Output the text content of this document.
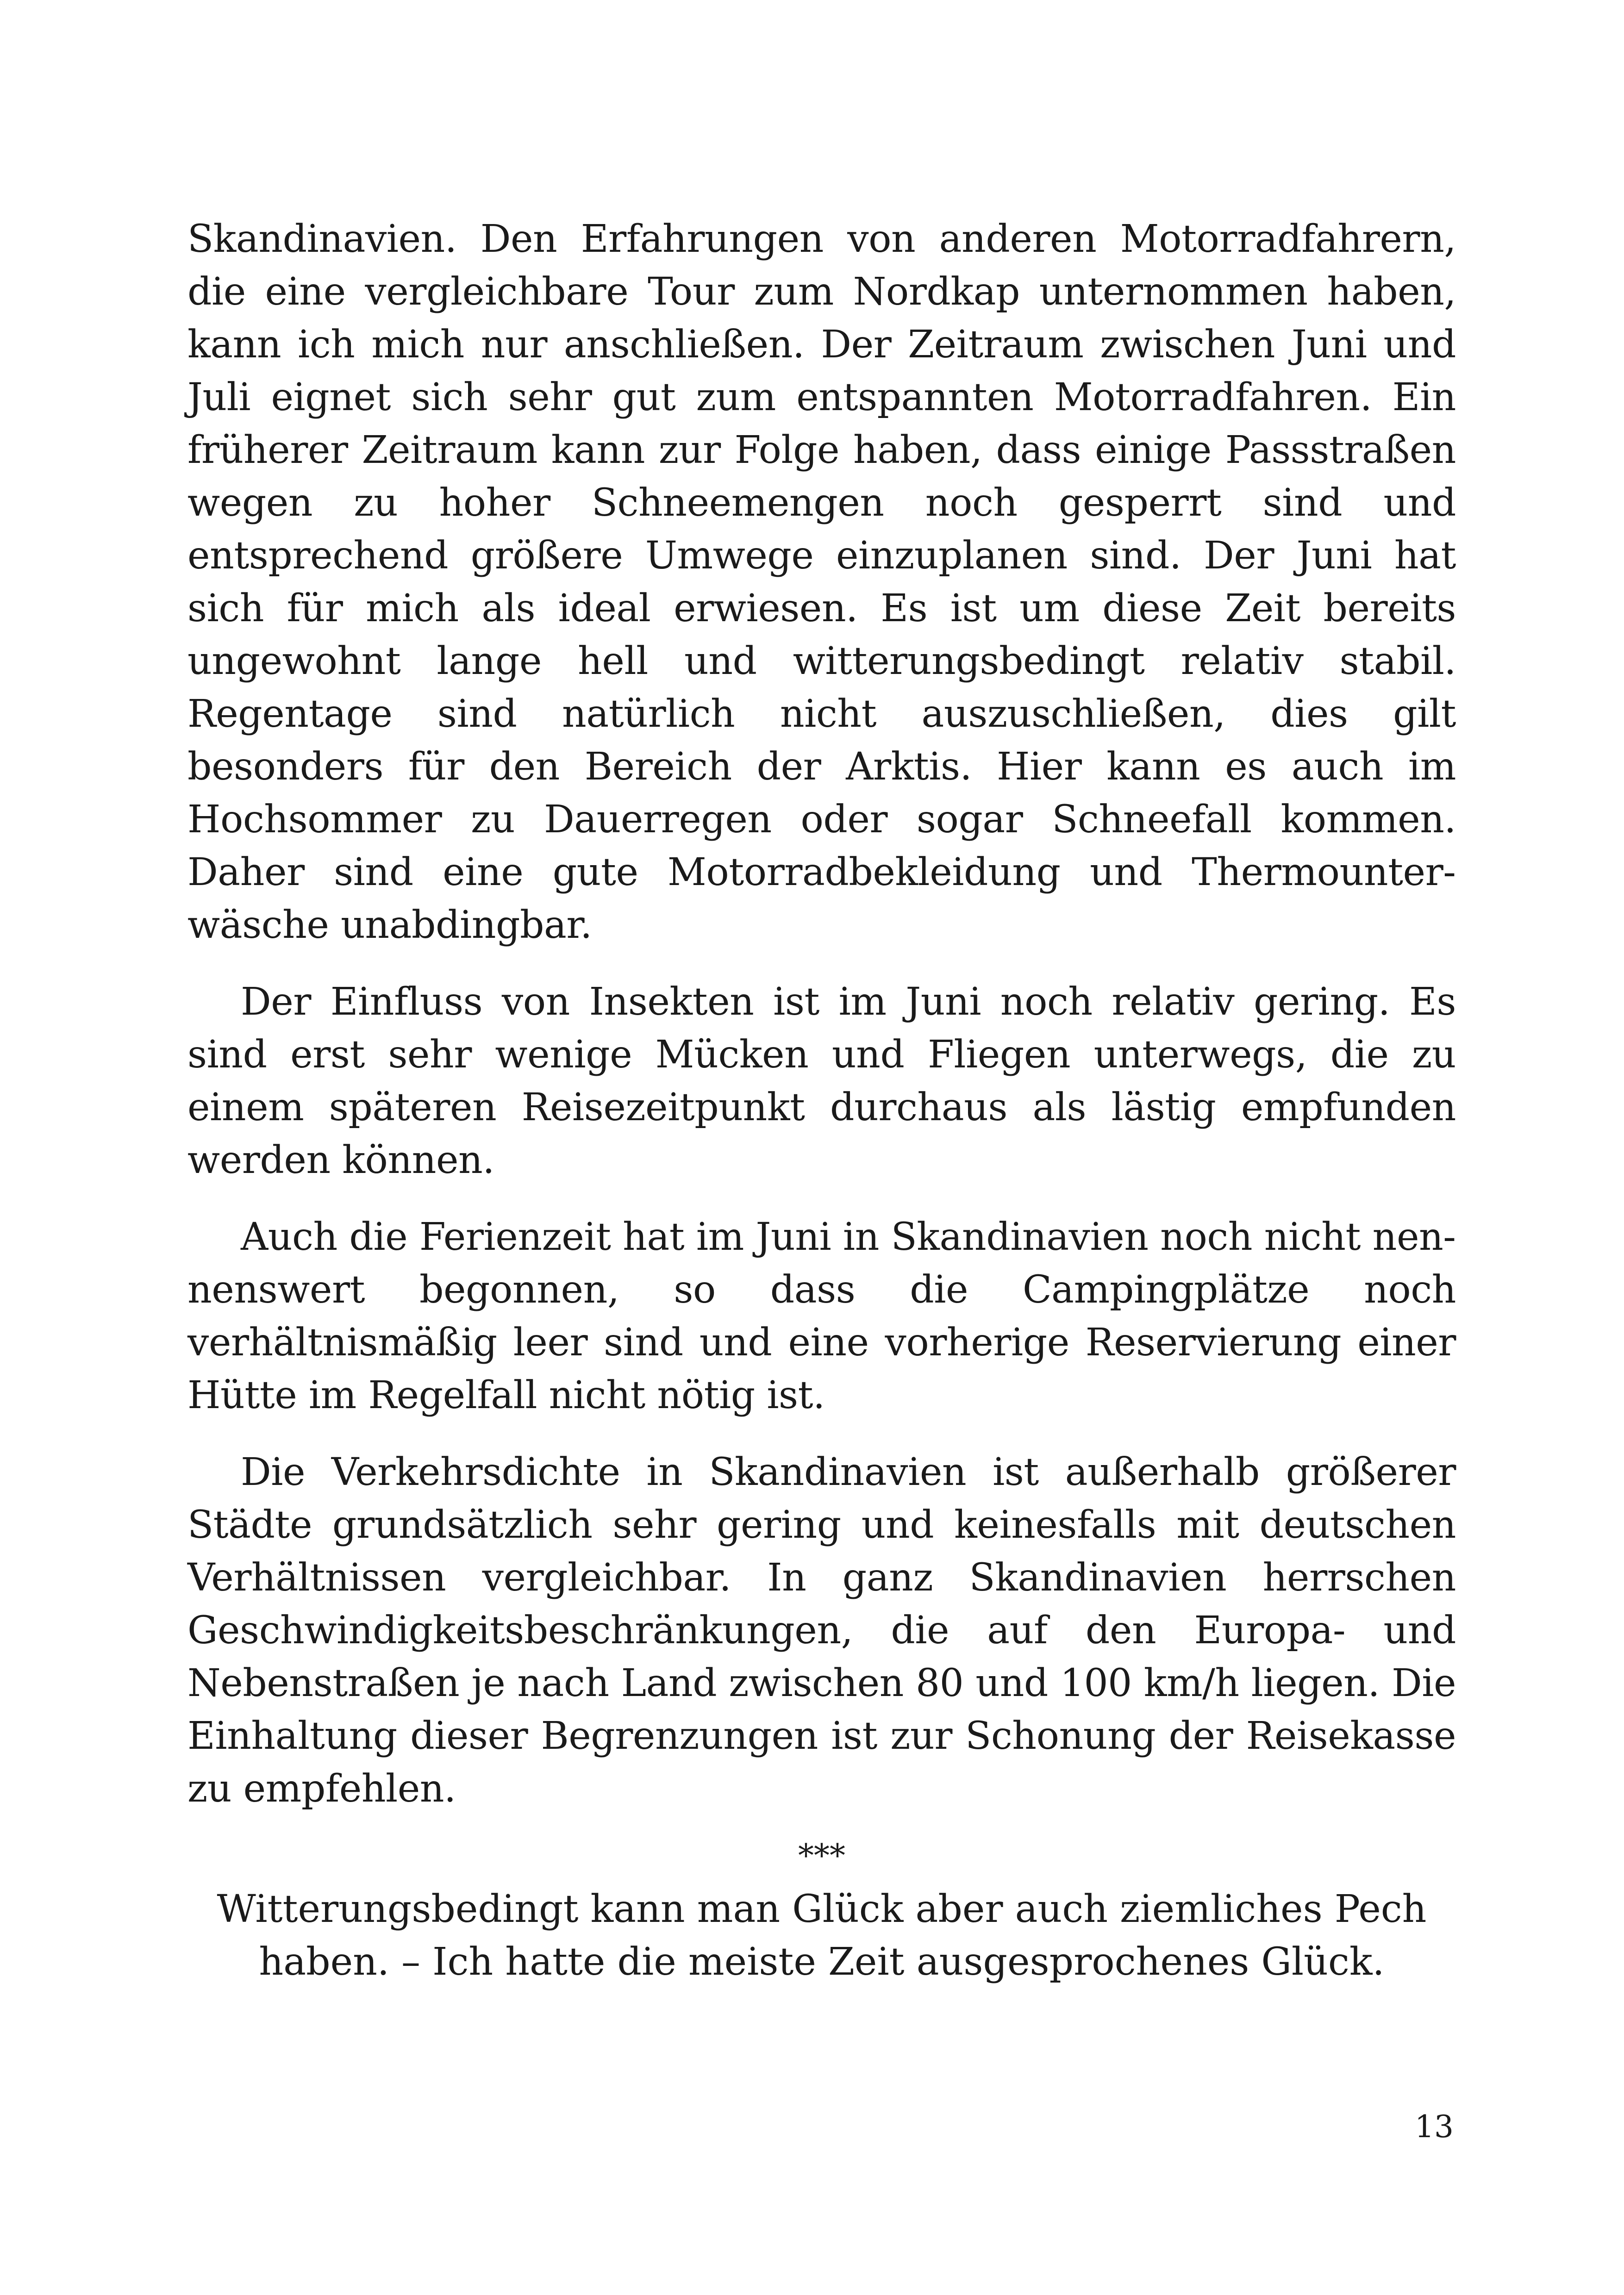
Skandinavien. Den Erfahrungen von anderen Motorradfahrern, die eine vergleichbare Tour zum Nordkap unternommen haben, kann ich mich nur anschließen. Der Zeitraum zwischen Juni und Juli eignet sich sehr gut zum entspannten Motorradfahren. Ein früherer Zeitraum kann zur Folge haben, dass einige Passstraßen wegen zu hoher Schneemengen noch gesperrt sind und entsprechend größere Umwege einzuplanen sind. Der Juni hat sich für mich als ideal erwiesen. Es ist um diese Zeit bereits ungewohnt lange hell und witterungsbedingt relativ stabil. Regentage sind natürlich nicht auszuschließen, dies gilt besonders für den Bereich der Arktis. Hier kann es auch im Hochsommer zu Dauerregen oder sogar Schneefall kommen. Daher sind eine gute Motorradbekleidung und Thermounterwäsche unabdingbar.

Der Einfluss von Insekten ist im Juni noch relativ gering. Es sind erst sehr wenige Mücken und Fliegen unterwegs, die zu einem späteren Reisezeitpunkt durchaus als lästig empfunden werden können.

Auch die Ferienzeit hat im Juni in Skandinavien noch nicht nennenswert begonnen, so dass die Campingplätze noch verhältnismäßig leer sind und eine vorherige Reservierung einer Hütte im Regelfall nicht nötig ist.

Die Verkehrsdichte in Skandinavien ist außerhalb größerer Städte grundsätzlich sehr gering und keinesfalls mit deutschen Verhältnissen vergleichbar. In ganz Skandinavien herrschen Geschwindigkeitsbeschränkungen, die auf den Europa- und Nebenstraßen je nach Land zwischen 80 und 100 km/h liegen. Die Einhaltung dieser Begrenzungen ist zur Schonung der Reisekasse zu empfehlen.

***

Witterungsbedingt kann man Glück aber auch ziemliches Pech haben. – Ich hatte die meiste Zeit ausgesprochenes Glück.

13
